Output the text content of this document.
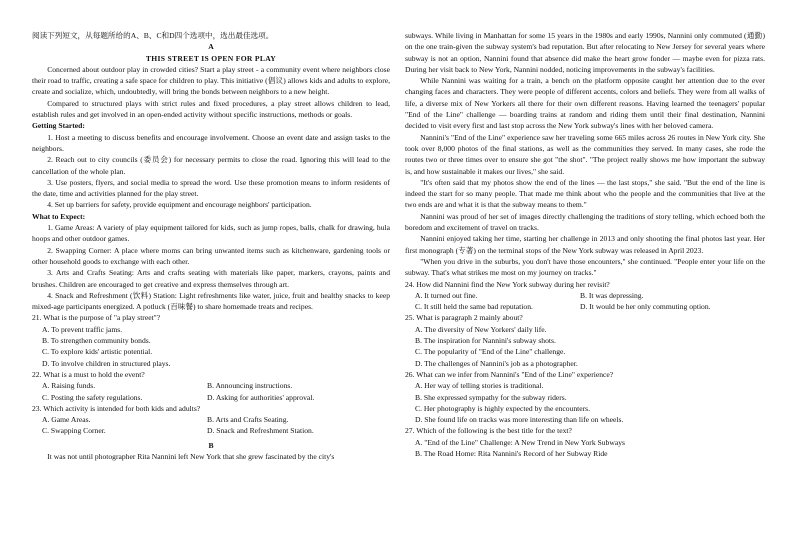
阅读下列短文，从每题所给的A、B、C和D四个选项中，选出最佳选项。

A

THIS STREET IS OPEN FOR PLAY

Concerned about outdoor play in crowded cities? Start a play street - a community event where neighbors close their road to traffic, creating a safe space for children to play. This initiative (倡议) allows kids and adults to explore, create and socialize, which, undoubtedly, will bring the bonds between neighbors to a new height.

Compared to structured plays with strict rules and fixed procedures, a play street allows children to lead, establish rules and get involved in an open-ended activity without specific instructions, methods or goals.

Getting Started:

1. Host a meeting to discuss benefits and encourage involvement. Choose an event date and assign tasks to the neighbors.

2. Reach out to city councils (委员会) for necessary permits to close the road. Ignoring this will lead to the cancellation of the whole plan.

3. Use posters, flyers, and social media to spread the word. Use these promotion means to inform residents of the date, time and activities planned for the play street.

4. Set up barriers for safety, provide equipment and encourage neighbors' participation.

What to Expect:

1. Game Areas: A variety of play equipment tailored for kids, such as jump ropes, balls, chalk for drawing, hula hoops and other outdoor games.

2. Swapping Corner: A place where moms can bring unwanted items such as kitchenware, gardening tools or other household goods to exchange with each other.

3. Arts and Crafts Seating: Arts and crafts seating with materials like paper, markers, crayons, paints and brushes. Children are encouraged to get creative and express themselves through art.

4. Snack and Refreshment (饮料) Station: Light refreshments like water, juice, fruit and healthy snacks to keep mixed-age participants energized. A potluck (百味餐) to share homemade treats and recipes.

21. What is the purpose of "a play street"?

A. To prevent traffic jams.

B. To strengthen community bonds.

C. To explore kids' artistic potential.

D. To involve children in structured plays.

22. What is a must to hold the event?

A. Raising funds.	B. Announcing instructions.
C. Posting the safety regulations.	D. Asking for authorities' approval.

23. Which activity is intended for both kids and adults?

A. Game Areas.	B. Arts and Crafts Seating.
C. Swapping Corner.	D. Snack and Refreshment Station.

B

It was not until photographer Rita Nannini left New York that she grew fascinated by the city's

subways. While living in Manhattan for some 15 years in the 1980s and early 1990s, Nannini only commuted (通勤) on the one train-given the subway system's bad reputation. But after relocating to New Jersey for several years where subway is not an option, Nannini found that absence did make the heart grow fonder — maybe even for pizza rats. During her visit back to New York, Nannini nodded, noticing improvements in the subway's facilities.

While Nannini was waiting for a train, a bench on the platform opposite caught her attention due to the ever changing faces and characters. They were people of different accents, colors and beliefs. They were from all walks of life, a diverse mix of New Yorkers all there for their own different reasons. Having learned the teenagers' popular "End of the Line" challenge — boarding trains at random and riding them until their final destination, Nannini decided to visit every first and last stop across the New York subway's lines with her beloved camera.

Nannini's "End of the Line" experience saw her traveling some 665 miles across 26 routes in New York city. She took over 8,000 photos of the final stations, as well as the communities they served. In many cases, she rode the routes two or three times over to ensure she got "the shot". "The project really shows me how important the subway is, and how sustainable it makes our lives," she said.

"It's often said that my photos show the end of the lines — the last stops," she said. "But the end of the line is indeed the start for so many people. That made me think about who the people and the communities that live at the two ends are and what it is that the subway means to them."

Nannini was proud of her set of images directly challenging the traditions of story telling, which echoed both the boredom and excitement of travel on tracks.

Nannini enjoyed taking her time, starting her challenge in 2013 and only shooting the final photos last year. Her first monograph (专著) on the terminal stops of the New York subway was released in April 2023.

"When you drive in the suburbs, you don't have those encounters," she continued. "People enter your life on the subway. That's what strikes me most on my journey on tracks."

24. How did Nannini find the New York subway during her revisit?

A. It turned out fine.	B. It was depressing.
C. It still held the same bad reputation.	D. It would be her only commuting option.

25. What is paragraph 2 mainly about?

A. The diversity of New Yorkers' daily life.

B. The inspiration for Nannini's subway shots.

C. The popularity of "End of the Line" challenge.

D. The challenges of Nannini's job as a photographer.

26. What can we infer from Nannini's "End of the Line" experience?

A. Her way of telling stories is traditional.

B. She expressed sympathy for the subway riders.

C. Her photography is highly expected by the encounters.

D. She found life on tracks was more interesting than life on wheels.

27. Which of the following is the best title for the text?

A. "End of the Line" Challenge: A New Trend in New York Subways

B. The Road Home: Rita Nannini's Record of her Subway Ride
